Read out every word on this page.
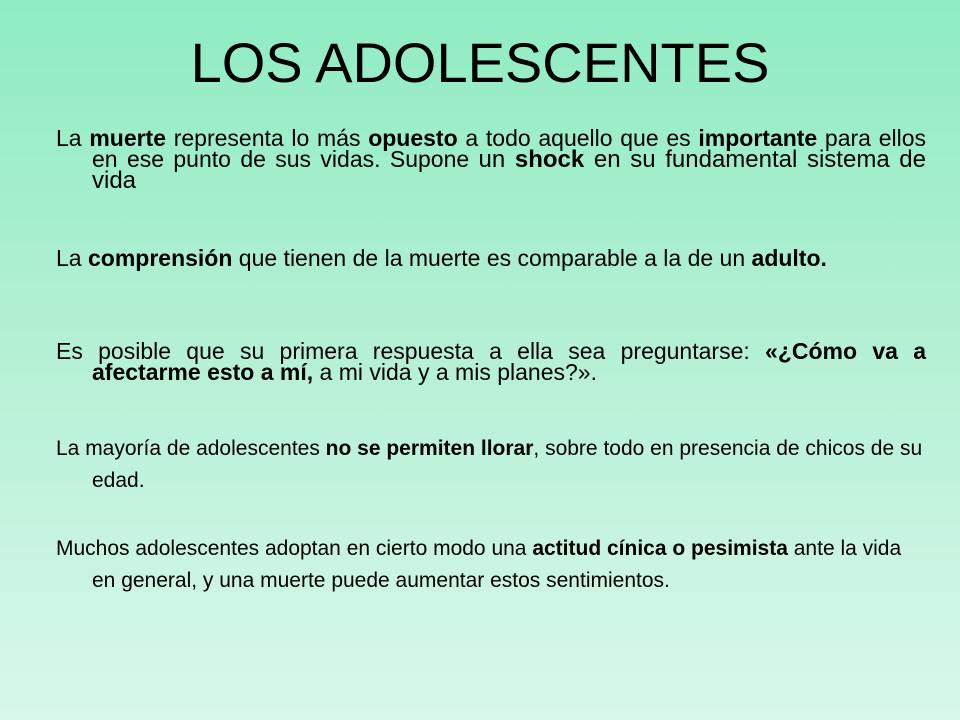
LOS ADOLESCENTES

La muerte representa lo más opuesto a todo aquello que es importante para ellos en ese punto de sus vidas. Supone un shock en su fundamental sistema de vida

La comprensión que tienen de la muerte es comparable a la de un adulto.

Es posible que su primera respuesta a ella sea preguntarse: «¿Cómo va a afectarme esto a mí, a mi vida y a mis planes?».

La mayoría de adolescentes no se permiten llorar, sobre todo en presencia de chicos de su edad.

Muchos adolescentes adoptan en cierto modo una actitud cínica o pesimista ante la vida en general, y una muerte puede aumentar estos sentimientos.
